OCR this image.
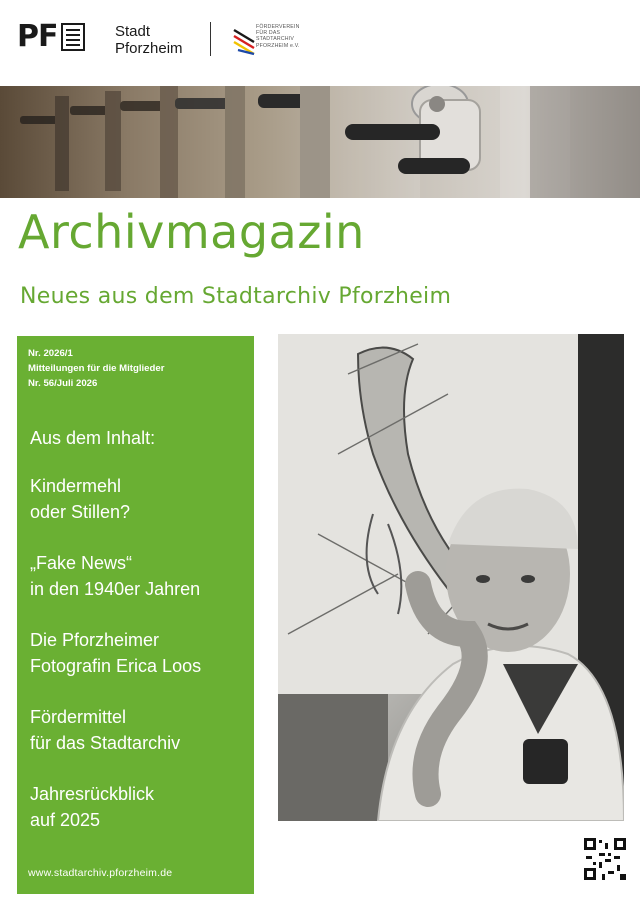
PF	Stadt
Pforzheim
FÖRDERVEREIN
FÜR DAS
STADTARCHIV
PFORZHEIM e.V.
Archivmagazin
Neues aus dem Stadtarchiv Pforzheim
Nr. 2026/1
Mitteilungen für die Mitglieder
Nr. 56/Juli 2026
Aus dem Inhalt:
Kindermehl
oder Stillen?
„Fake News“
in den 1940er Jahren
Die Pforzheimer
Fotografin Erica Loos
Fördermittel
für das Stadtarchiv
Jahresrückblick
auf 2025
www.stadtarchiv.pforzheim.de
